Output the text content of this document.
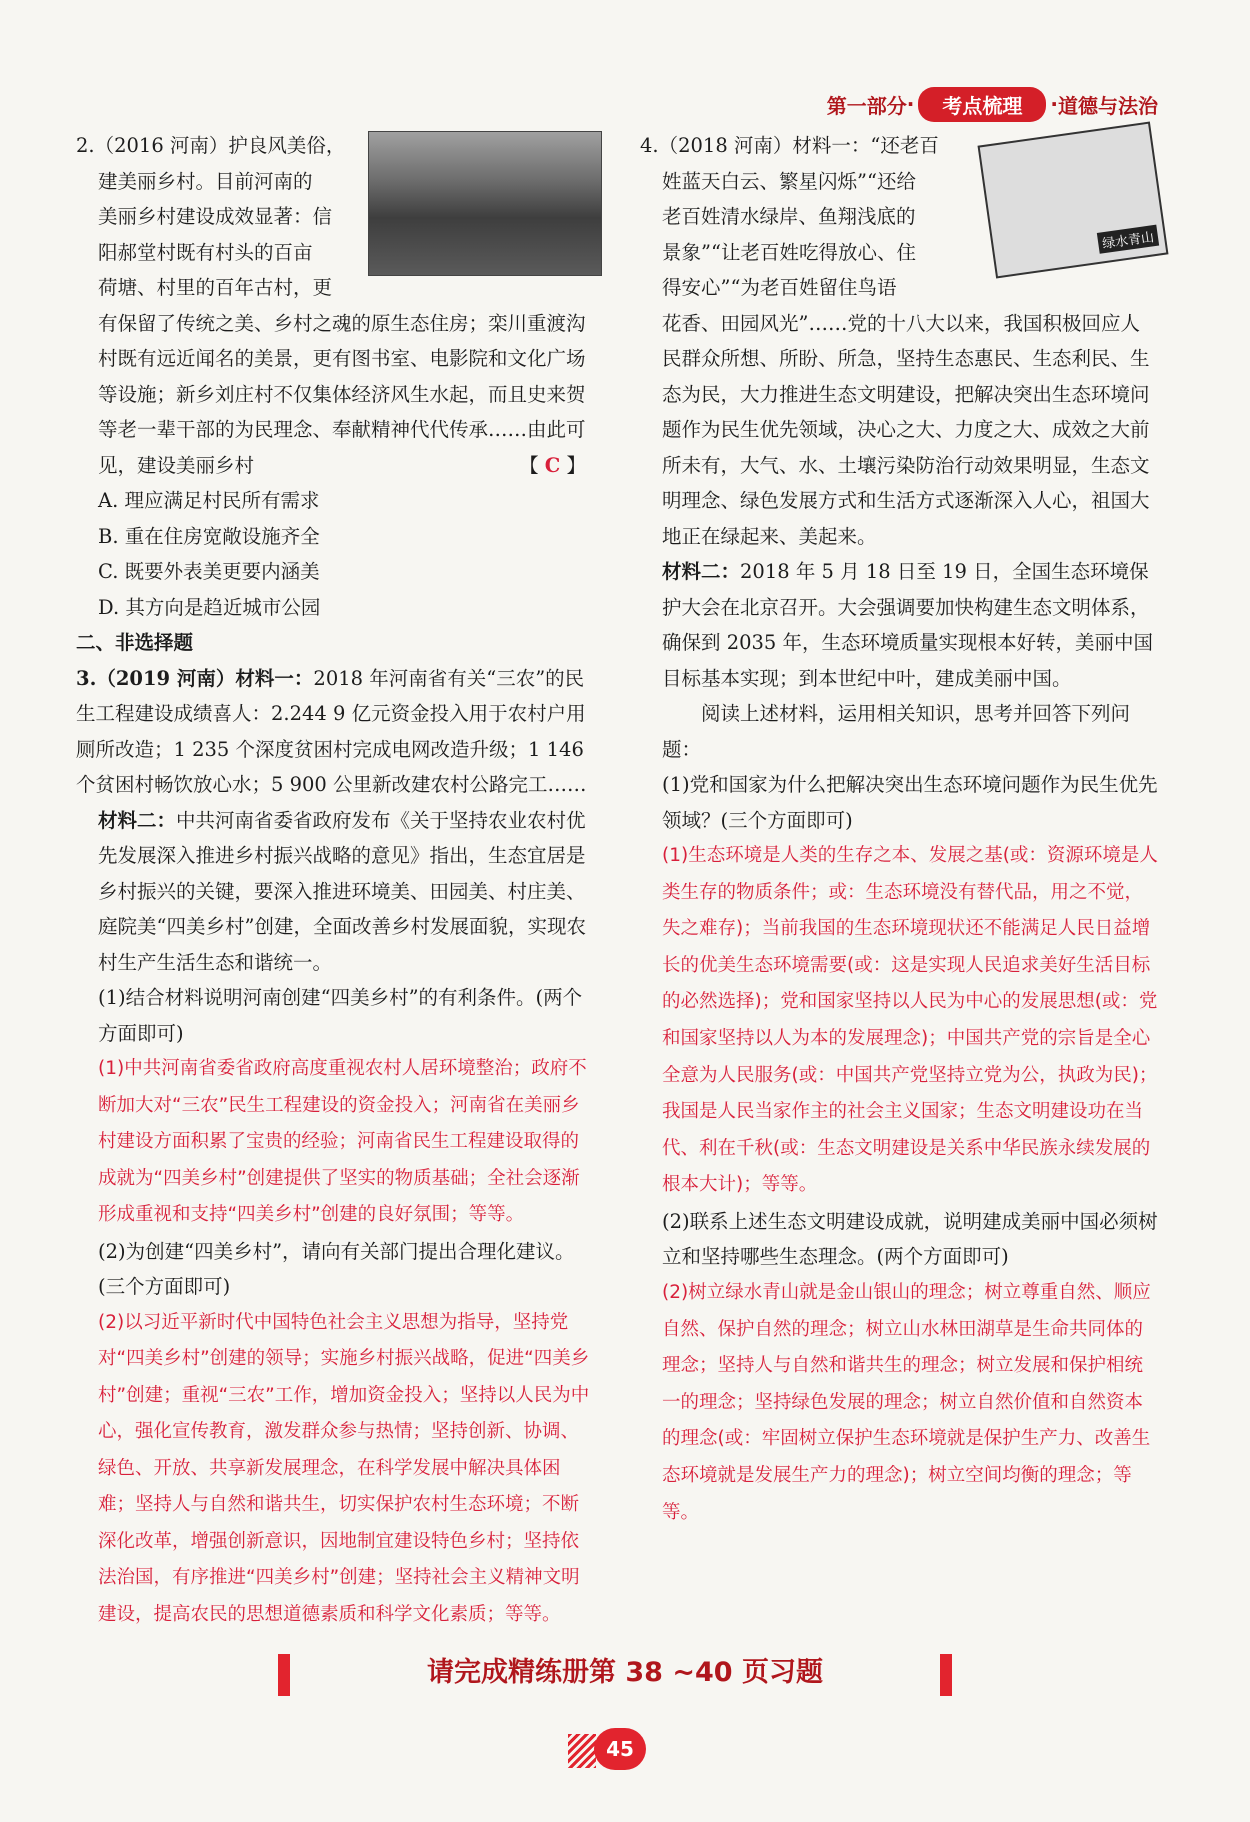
第一部分 ·	考点梳理	· 道德与法治
绿水青山
2.（2016 河南）护良风美俗，
建美丽乡村。目前河南的
美丽乡村建设成效显著：信
阳郝堂村既有村头的百亩
荷塘、村里的百年古村，更

有保留了传统之美、乡村之魂的原生态住房；栾川重渡沟村既有远近闻名的美景，更有图书室、电影院和文化广场等设施；新乡刘庄村不仅集体经济风生水起，而且史来贺等老一辈干部的为民理念、奉献精神代代传承……由此可见，建设美丽乡村	【 C 】

A. 理应满足村民所有需求
B. 重在住房宽敞设施齐全
C. 既要外表美更要内涵美
D. 其方向是趋近城市公园
二、非选择题

3.（2019 河南）材料一：2018 年河南省有关“三农”的民生工程建设成绩喜人：2.244 9 亿元资金投入用于农村户用厕所改造；1 235 个深度贫困村完成电网改造升级；1 146 个贫困村畅饮放心水；5 900 公里新改建农村公路完工……

材料二：中共河南省委省政府发布《关于坚持农业农村优先发展深入推进乡村振兴战略的意见》指出，生态宜居是乡村振兴的关键，要深入推进环境美、田园美、村庄美、庭院美“四美乡村”创建，全面改善乡村发展面貌，实现农村生产生活生态和谐统一。

(1)结合材料说明河南创建“四美乡村”的有利条件。(两个方面即可)

(1)中共河南省委省政府高度重视农村人居环境整治；政府不断加大对“三农”民生工程建设的资金投入；河南省在美丽乡村建设方面积累了宝贵的经验；河南省民生工程建设取得的成就为“四美乡村”创建提供了坚实的物质基础；全社会逐渐形成重视和支持“四美乡村”创建的良好氛围；等等。

(2)为创建“四美乡村”，请向有关部门提出合理化建议。(三个方面即可)

(2)以习近平新时代中国特色社会主义思想为指导，坚持党对“四美乡村”创建的领导；实施乡村振兴战略，促进“四美乡村”创建；重视“三农”工作，增加资金投入；坚持以人民为中心，强化宣传教育，激发群众参与热情；坚持创新、协调、绿色、开放、共享新发展理念，在科学发展中解决具体困难；坚持人与自然和谐共生，切实保护农村生态环境；不断深化改革，增强创新意识，因地制宜建设特色乡村；坚持依法治国，有序推进“四美乡村”创建；坚持社会主义精神文明建设，提高农民的思想道德素质和科学文化素质；等等。

4.（2018 河南）材料一：“还老百
姓蓝天白云、繁星闪烁”“还给
老百姓清水绿岸、鱼翔浅底的
景象”“让老百姓吃得放心、住
得安心”“为老百姓留住鸟语

花香、田园风光”……党的十八大以来，我国积极回应人民群众所想、所盼、所急，坚持生态惠民、生态利民、生态为民，大力推进生态文明建设，把解决突出生态环境问题作为民生优先领域，决心之大、力度之大、成效之大前所未有，大气、水、土壤污染防治行动效果明显，生态文明理念、绿色发展方式和生活方式逐渐深入人心，祖国大地正在绿起来、美起来。

材料二：2018 年 5 月 18 日至 19 日，全国生态环境保护大会在北京召开。大会强调要加快构建生态文明体系，确保到 2035 年，生态环境质量实现根本好转，美丽中国目标基本实现；到本世纪中叶，建成美丽中国。

阅读上述材料，运用相关知识，思考并回答下列问题：

(1)党和国家为什么把解决突出生态环境问题作为民生优先领域？(三个方面即可)

(1)生态环境是人类的生存之本、发展之基(或：资源环境是人类生存的物质条件；或：生态环境没有替代品，用之不觉，失之难存)；当前我国的生态环境现状还不能满足人民日益增长的优美生态环境需要(或：这是实现人民追求美好生活目标的必然选择)；党和国家坚持以人民为中心的发展思想(或：党和国家坚持以人为本的发展理念)；中国共产党的宗旨是全心全意为人民服务(或：中国共产党坚持立党为公，执政为民)；我国是人民当家作主的社会主义国家；生态文明建设功在当代、利在千秋(或：生态文明建设是关系中华民族永续发展的根本大计)；等等。

(2)联系上述生态文明建设成就，说明建成美丽中国必须树立和坚持哪些生态理念。(两个方面即可)

(2)树立绿水青山就是金山银山的理念；树立尊重自然、顺应自然、保护自然的理念；树立山水林田湖草是生命共同体的理念；坚持人与自然和谐共生的理念；树立发展和保护相统一的理念；坚持绿色发展的理念；树立自然价值和自然资本的理念(或：牢固树立保护生态环境就是保护生产力、改善生态环境就是发展生产力的理念)；树立空间均衡的理念；等等。

请完成精练册第 38 ~40 页习题
45
